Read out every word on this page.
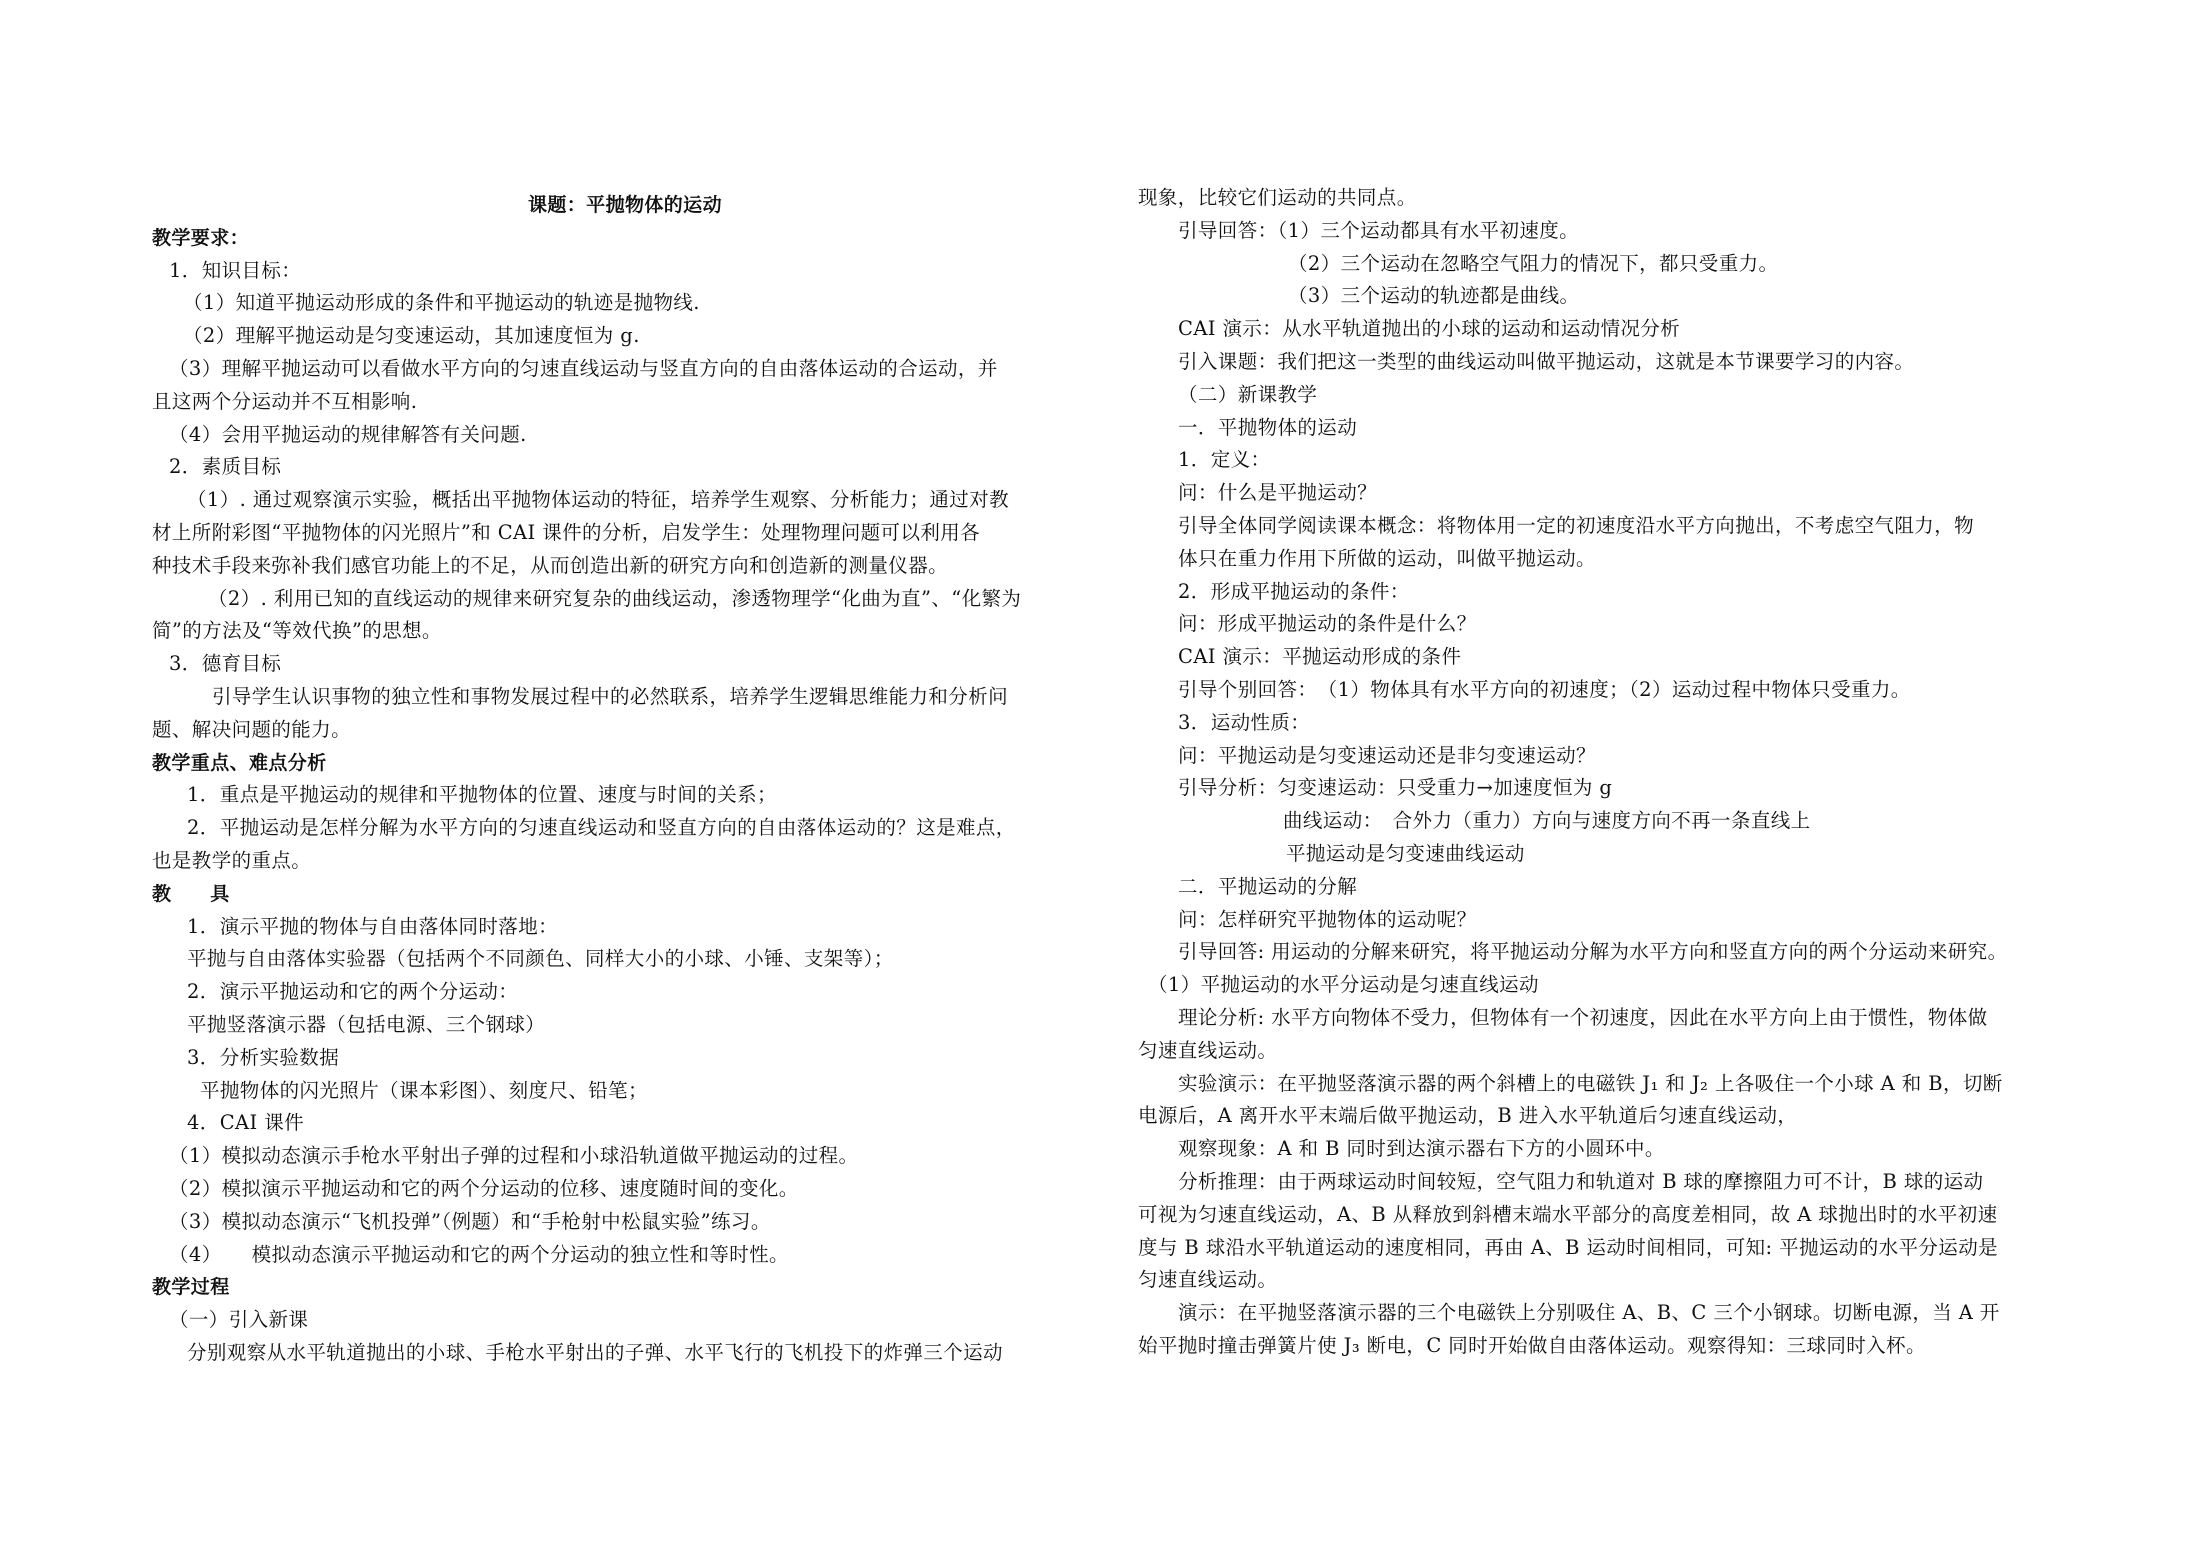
课题：平抛物体的运动
教学要求：
1．知识目标：
（1）知道平抛运动形成的条件和平抛运动的轨迹是抛物线.
（2）理解平抛运动是匀变速运动，其加速度恒为 g.
（3）理解平抛运动可以看做水平方向的匀速直线运动与竖直方向的自由落体运动的合运动，并
且这两个分运动并不互相影响.
（4）会用平抛运动的规律解答有关问题.
2．素质目标
（1）. 通过观察演示实验，概括出平抛物体运动的特征，培养学生观察、分析能力；通过对教
材上所附彩图“平抛物体的闪光照片”和 CAI 课件的分析，启发学生：处理物理问题可以利用各
种技术手段来弥补我们感官功能上的不足，从而创造出新的研究方向和创造新的测量仪器。
（2）. 利用已知的直线运动的规律来研究复杂的曲线运动，渗透物理学“化曲为直”、“化繁为
简”的方法及“等效代换”的思想。
3．德育目标
引导学生认识事物的独立性和事物发展过程中的必然联系，培养学生逻辑思维能力和分析问
题、解决问题的能力。
教学重点、难点分析
1．重点是平抛运动的规律和平抛物体的位置、速度与时间的关系；
2．平抛运动是怎样分解为水平方向的匀速直线运动和竖直方向的自由落体运动的？这是难点，
也是教学的重点。
教　　具
1．演示平抛的物体与自由落体同时落地：
平抛与自由落体实验器（包括两个不同颜色、同样大小的小球、小锤、支架等）；
2．演示平抛运动和它的两个分运动：
平抛竖落演示器（包括电源、三个钢球）
3．分析实验数据
平抛物体的闪光照片（课本彩图）、刻度尺、铅笔；
4．CAI 课件
（1）模拟动态演示手枪水平射出子弹的过程和小球沿轨道做平抛运动的过程。
（2）模拟演示平抛运动和它的两个分运动的位移、速度随时间的变化。
（3）模拟动态演示“飞机投弹”（例题）和“手枪射中松鼠实验”练习。
（4）　　模拟动态演示平抛运动和它的两个分运动的独立性和等时性。
教学过程
（一）引入新课
分别观察从水平轨道抛出的小球、手枪水平射出的子弹、水平飞行的飞机投下的炸弹三个运动
现象，比较它们运动的共同点。
引导回答：（1）三个运动都具有水平初速度。
（2）三个运动在忽略空气阻力的情况下，都只受重力。
（3）三个运动的轨迹都是曲线。
CAI 演示：从水平轨道抛出的小球的运动和运动情况分析
引入课题：我们把这一类型的曲线运动叫做平抛运动，这就是本节课要学习的内容。
（二）新课教学
一．平抛物体的运动
1．定义：
问：什么是平抛运动？
引导全体同学阅读课本概念：将物体用一定的初速度沿水平方向抛出，不考虑空气阻力，物
体只在重力作用下所做的运动，叫做平抛运动。
2．形成平抛运动的条件：
问：形成平抛运动的条件是什么？
CAI 演示：平抛运动形成的条件
引导个别回答：　（1）物体具有水平方向的初速度；（2）运动过程中物体只受重力。
3．运动性质：
问：平抛运动是匀变速运动还是非匀变速运动？
引导分析：匀变速运动：只受重力→加速度恒为 g
曲线运动：　合外力（重力）方向与速度方向不再一条直线上
平抛运动是匀变速曲线运动
二．平抛运动的分解
问：怎样研究平抛物体的运动呢？
引导回答: 用运动的分解来研究，将平抛运动分解为水平方向和竖直方向的两个分运动来研究。
（1）平抛运动的水平分运动是匀速直线运动
理论分析: 水平方向物体不受力，但物体有一个初速度，因此在水平方向上由于惯性，物体做
匀速直线运动。
实验演示：在平抛竖落演示器的两个斜槽上的电磁铁 J₁ 和 J₂ 上各吸住一个小球 A 和 B，切断
电源后，A 离开水平末端后做平抛运动，B 进入水平轨道后匀速直线运动，
观察现象：A 和 B 同时到达演示器右下方的小圆环中。
分析推理：由于两球运动时间较短，空气阻力和轨道对 B 球的摩擦阻力可不计，B 球的运动
可视为匀速直线运动，A、B 从释放到斜槽末端水平部分的高度差相同，故 A 球抛出时的水平初速
度与 B 球沿水平轨道运动的速度相同，再由 A、B 运动时间相同，可知: 平抛运动的水平分运动是
匀速直线运动。
演示：在平抛竖落演示器的三个电磁铁上分别吸住 A、B、C 三个小钢球。切断电源，当 A 开
始平抛时撞击弹簧片使 J₃ 断电，C 同时开始做自由落体运动。观察得知：三球同时入杯。
